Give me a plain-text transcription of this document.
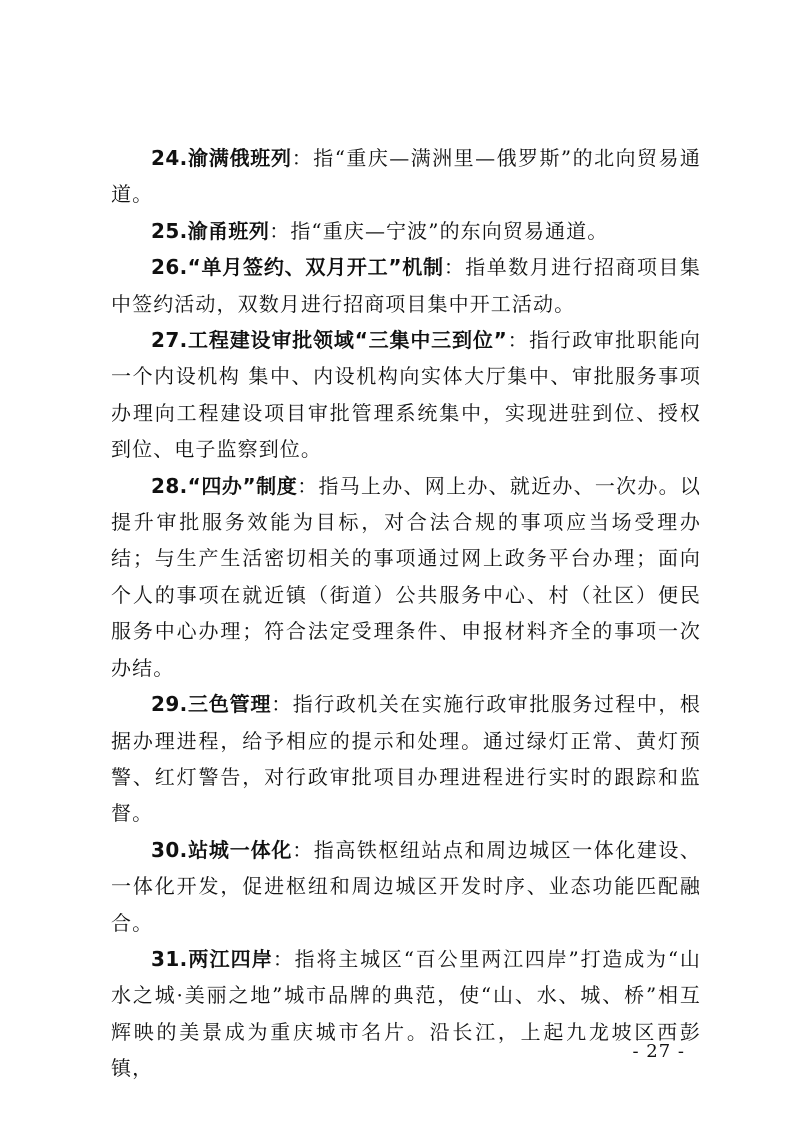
24.渝满俄班列：指“重庆—满洲里—俄罗斯”的北向贸易通道。

25.渝甬班列：指“重庆—宁波”的东向贸易通道。

26.“单月签约、双月开工”机制：指单数月进行招商项目集中签约活动，双数月进行招商项目集中开工活动。

27.工程建设审批领域“三集中三到位”：指行政审批职能向一个内设机构 集中、内设机构向实体大厅集中、审批服务事项办理向工程建设项目审批管理系统集中，实现进驻到位、授权到位、电子监察到位。

28.“四办”制度：指马上办、网上办、就近办、一次办。以提升审批服务效能为目标，对合法合规的事项应当场受理办结；与生产生活密切相关的事项通过网上政务平台办理；面向个人的事项在就近镇（街道）公共服务中心、村（社区）便民服务中心办理；符合法定受理条件、申报材料齐全的事项一次办结。

29.三色管理：指行政机关在实施行政审批服务过程中，根据办理进程，给予相应的提示和处理。通过绿灯正常、黄灯预警、红灯警告，对行政审批项目办理进程进行实时的跟踪和监督。

30.站城一体化：指高铁枢纽站点和周边城区一体化建设、一体化开发，促进枢纽和周边城区开发时序、业态功能匹配融合。

31.两江四岸：指将主城区“百公里两江四岸”打造成为“山水之城·美丽之地”城市品牌的典范，使“山、水、城、桥”相互辉映的美景成为重庆城市名片。沿长江，上起九龙坡区西彭镇，

- 27 -
